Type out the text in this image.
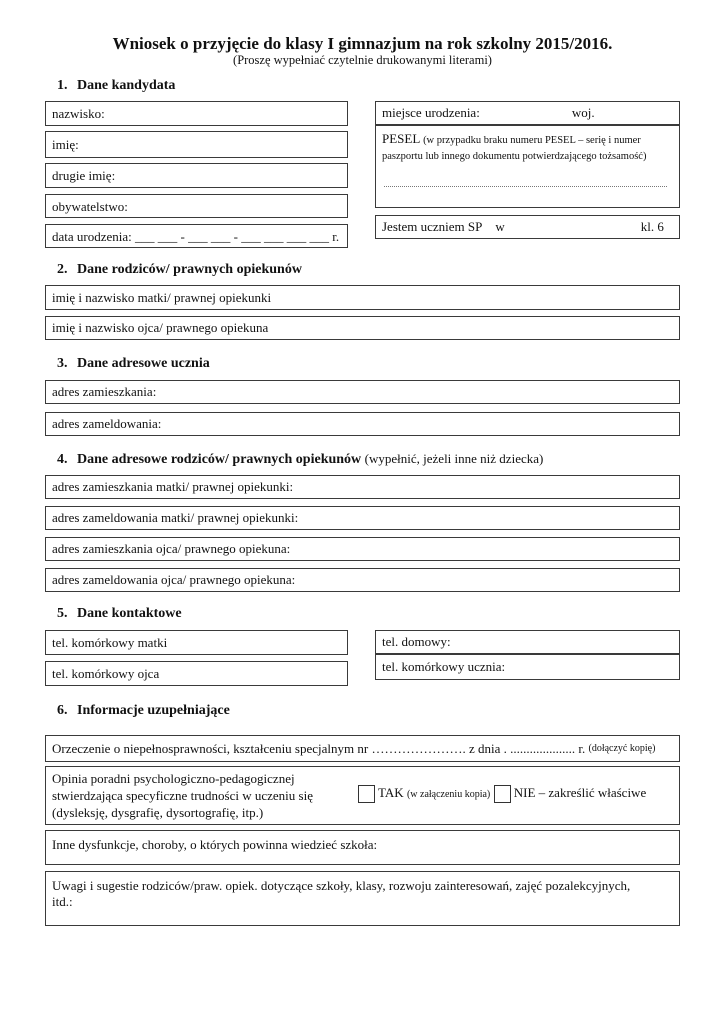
Wniosek o przyjęcie do klasy I gimnazjum na rok szkolny 2015/2016.
(Proszę wypełniać czytelnie drukowanymi literami)
1. Dane kandydata
nazwisko:
imię:
drugie imię:
obywatelstwo:
data urodzenia:
___ ___
-
___ ___
-
___ ___ ___ ___
r.
miejsce urodzenia:	woj.
PESEL (w przypadku braku numeru PESEL – serię i numer paszportu lub innego dokumentu potwierdzającego tożsamość)
Jestem uczniem SP w	kl. 6
2. Dane rodziców/ prawnych opiekunów
imię i nazwisko matki/ prawnej opiekunki
imię i nazwisko ojca/ prawnego opiekuna
3. Dane adresowe ucznia
adres zamieszkania:
adres zameldowania:
4. Dane adresowe rodziców/ prawnych opiekunów (wypełnić, jeżeli inne niż dziecka)
adres zamieszkania matki/ prawnej opiekunki:
adres zameldowania matki/ prawnej opiekunki:
adres zamieszkania ojca/ prawnego opiekuna:
adres zameldowania ojca/ prawnego opiekuna:
5. Dane kontaktowe
tel. komórkowy matki
tel. komórkowy ojca
tel. domowy:
tel. komórkowy ucznia:
6. Informacje uzupełniające
Orzeczenie o niepełnosprawności, kształceniu specjalnym nr …………………. z dnia . .................... r.
(dołączyć kopię)
Opinia poradni psychologiczno-pedagogicznej
stwierdzająca specyficzne trudności w uczeniu się
(dysleksję, dysgrafię, dysortografię, itp.)
TAK (w załączeniu kopia) NIE – zakreślić właściwe
Inne dysfunkcje, choroby, o których powinna wiedzieć szkoła:
Uwagi i sugestie rodziców/praw. opiek. dotyczące szkoły, klasy, rozwoju zainteresowań, zajęć pozalekcyjnych,
itd.:
